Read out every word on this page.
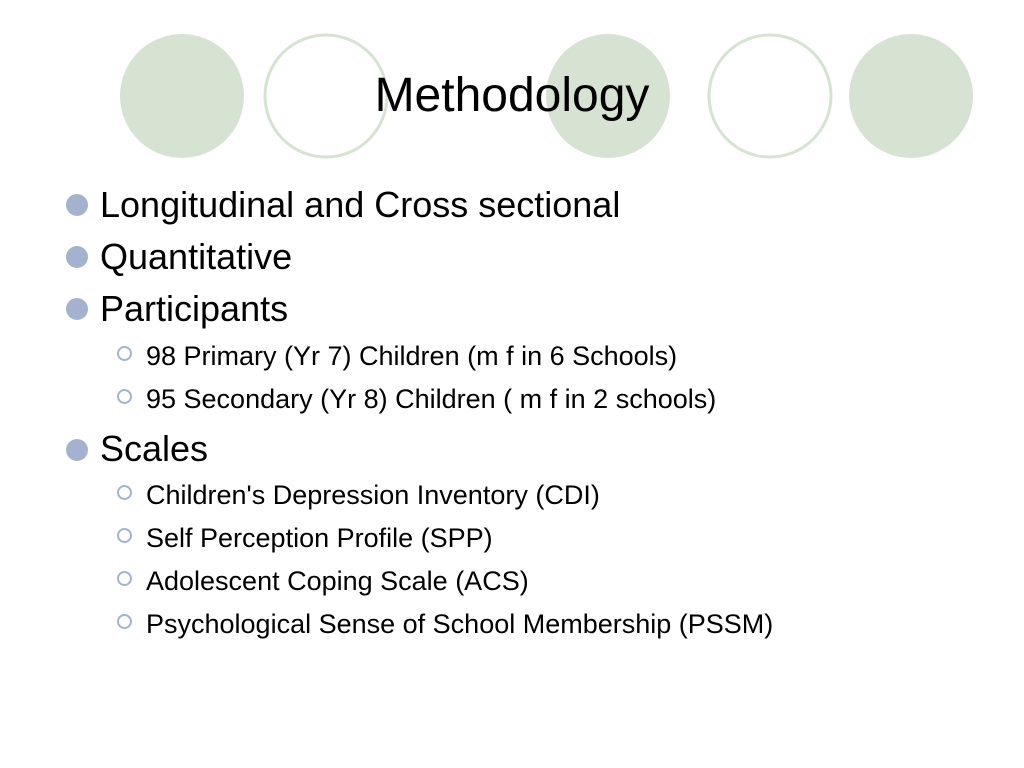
Methodology
Longitudinal and Cross sectional
Quantitative
Participants
98 Primary (Yr 7) Children (m f in 6 Schools)
95 Secondary (Yr 8) Children ( m f in 2 schools)
Scales
Children's Depression Inventory (CDI)
Self Perception Profile (SPP)
Adolescent Coping Scale (ACS)
Psychological Sense of School Membership (PSSM)
